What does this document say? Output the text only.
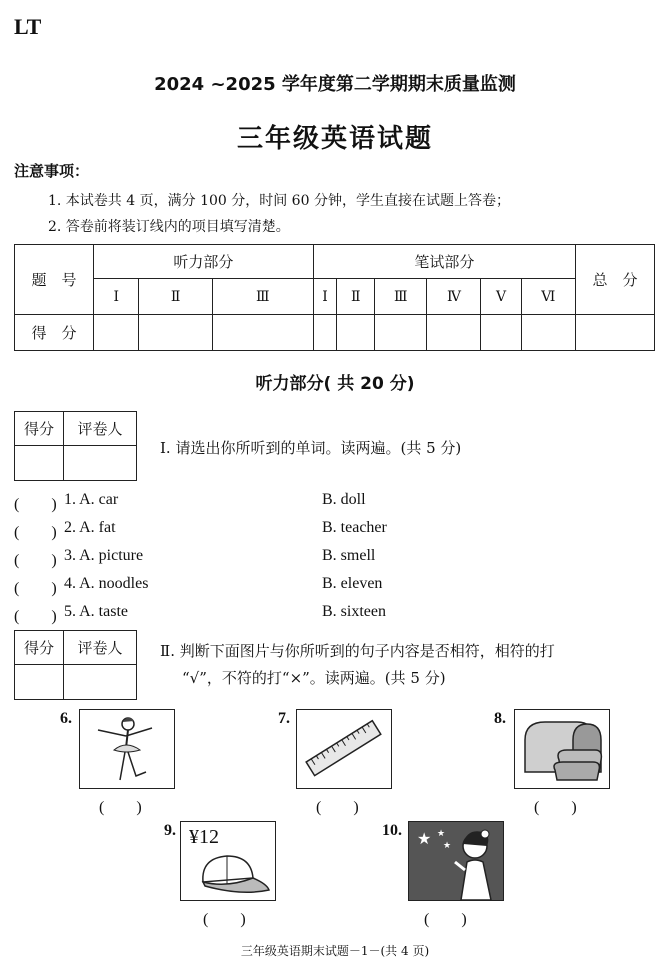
LT
2024 ~2025 学年度第二学期期末质量监测
三年级英语试题
注意事项：
1. 本试卷共 4 页，满分 100 分，时间 60 分钟，学生直接在试题上答卷；
2. 答卷前将装订线内的项目填写清楚。
题　号	听力部分			笔试部分						总　分
	Ⅰ	Ⅱ	Ⅲ	Ⅰ	Ⅱ	Ⅲ	Ⅳ	Ⅴ	Ⅵ	
得　分										
听力部分( 共 20 分)
得分	评卷人

Ⅰ. 请选出你所听到的单词。读两遍。(共 5 分)
(　　) 1. A. car	B. doll
(　　) 2. A. fat	B. teacher
(　　) 3. A. picture	B. smell
(　　) 4. A. noodles	B. eleven
(　　) 5. A. taste	B. sixteen
得分	评卷人
	Ⅱ. 判断下面图片与你所听到的句子内容是否相符，相符的打
“√”，不符的打“×”。读两遍。(共 5 分)
6.
(　　)
7.
(　　)
8.
(　　)
9. ¥12
(　　)
10. ★ ★
★
(　　)
三年级英语期末试题－1－(共 4 页)
